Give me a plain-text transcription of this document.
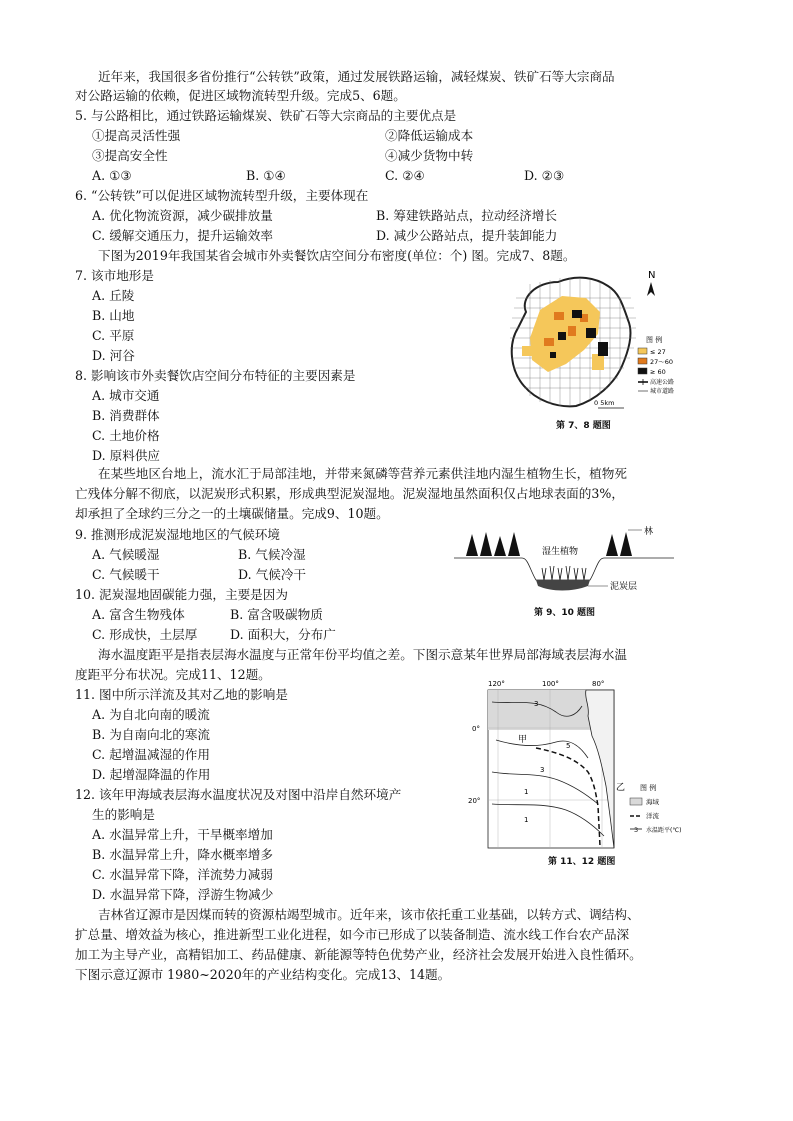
近年来，我国很多省份推行“公转铁”政策，通过发展铁路运输，减轻煤炭、铁矿石等大宗商品
对公路运输的依赖，促进区域物流转型升级。完成5、6题。
5. 与公路相比，通过铁路运输煤炭、铁矿石等大宗商品的主要优点是
①提高灵活性强	②降低运输成本
③提高安全性	④减少货物中转
A. ①③	B. ①④	C. ②④	D. ②③
6. “公转铁”可以促进区域物流转型升级，主要体现在
A. 优化物流资源，减少碳排放量	B. 筹建铁路站点，拉动经济增长
C. 缓解交通压力，提升运输效率	D. 减少公路站点，提升装卸能力
下图为2019年我国某省会城市外卖餐饮店空间分布密度(单位：个) 图。完成7、8题。
7. 该市地形是
A. 丘陵
B. 山地
C. 平原
D. 河谷
8. 影响该市外卖餐饮店空间分布特征的主要因素是
A. 城市交通
B. 消费群体
C. 土地价格
D. 原料供应
在某些地区台地上，流水汇于局部洼地，并带来氮磷等营养元素供洼地内湿生植物生长，植物死
亡残体分解不彻底，以泥炭形式积累，形成典型泥炭湿地。泥炭湿地虽然面积仅占地球表面的3%，
却承担了全球约三分之一的土壤碳储量。完成9、10题。
9. 推测形成泥炭湿地地区的气候环境
A. 气候暖湿	B. 气候冷湿
C. 气候暖干	D. 气候冷干
10. 泥炭湿地固碳能力强，主要是因为
A. 富含生物残体	B. 富含吸碳物质
C. 形成快，土层厚	D. 面积大，分布广
海水温度距平是指表层海水温度与正常年份平均值之差。下图示意某年世界局部海域表层海水温
度距平分布状况。完成11、12题。
11. 图中所示洋流及其对乙地的影响是
A. 为自北向南的暖流
B. 为自南向北的寒流
C. 起增温减湿的作用
D. 起增湿降温的作用
12. 该年甲海域表层海水温度状况及对图中沿岸自然环境产
生的影响是
A. 水温异常上升，干旱概率增加
B. 水温异常上升，降水概率增多
C. 水温异常下降，洋流势力减弱
D. 水温异常下降，浮游生物减少
吉林省辽源市是因煤而转的资源枯竭型城市。近年来，该市依托重工业基础，以转方式、调结构、
扩总量、增效益为核心，推进新型工业化进程，如今市已形成了以装备制造、流水线工作台农产品深
加工为主导产业，高精铝加工、药品健康、新能源等特色优势产业，经济社会发展开始进入良性循环。
下图示意辽源市 1980~2020年的产业结构变化。完成13、14题。
N
图 例
≤ 27
27～60
≥ 60
高速公路
城市道路
0 5km
第 7、8 题图
林
湿生植物
泥炭层
第 9、10 题图
120°	100°	80°
0°
20°
3
5
3
1
1
甲
乙 图 例
海域
洋流
3 水温距平(℃)
第 11、12 题图
